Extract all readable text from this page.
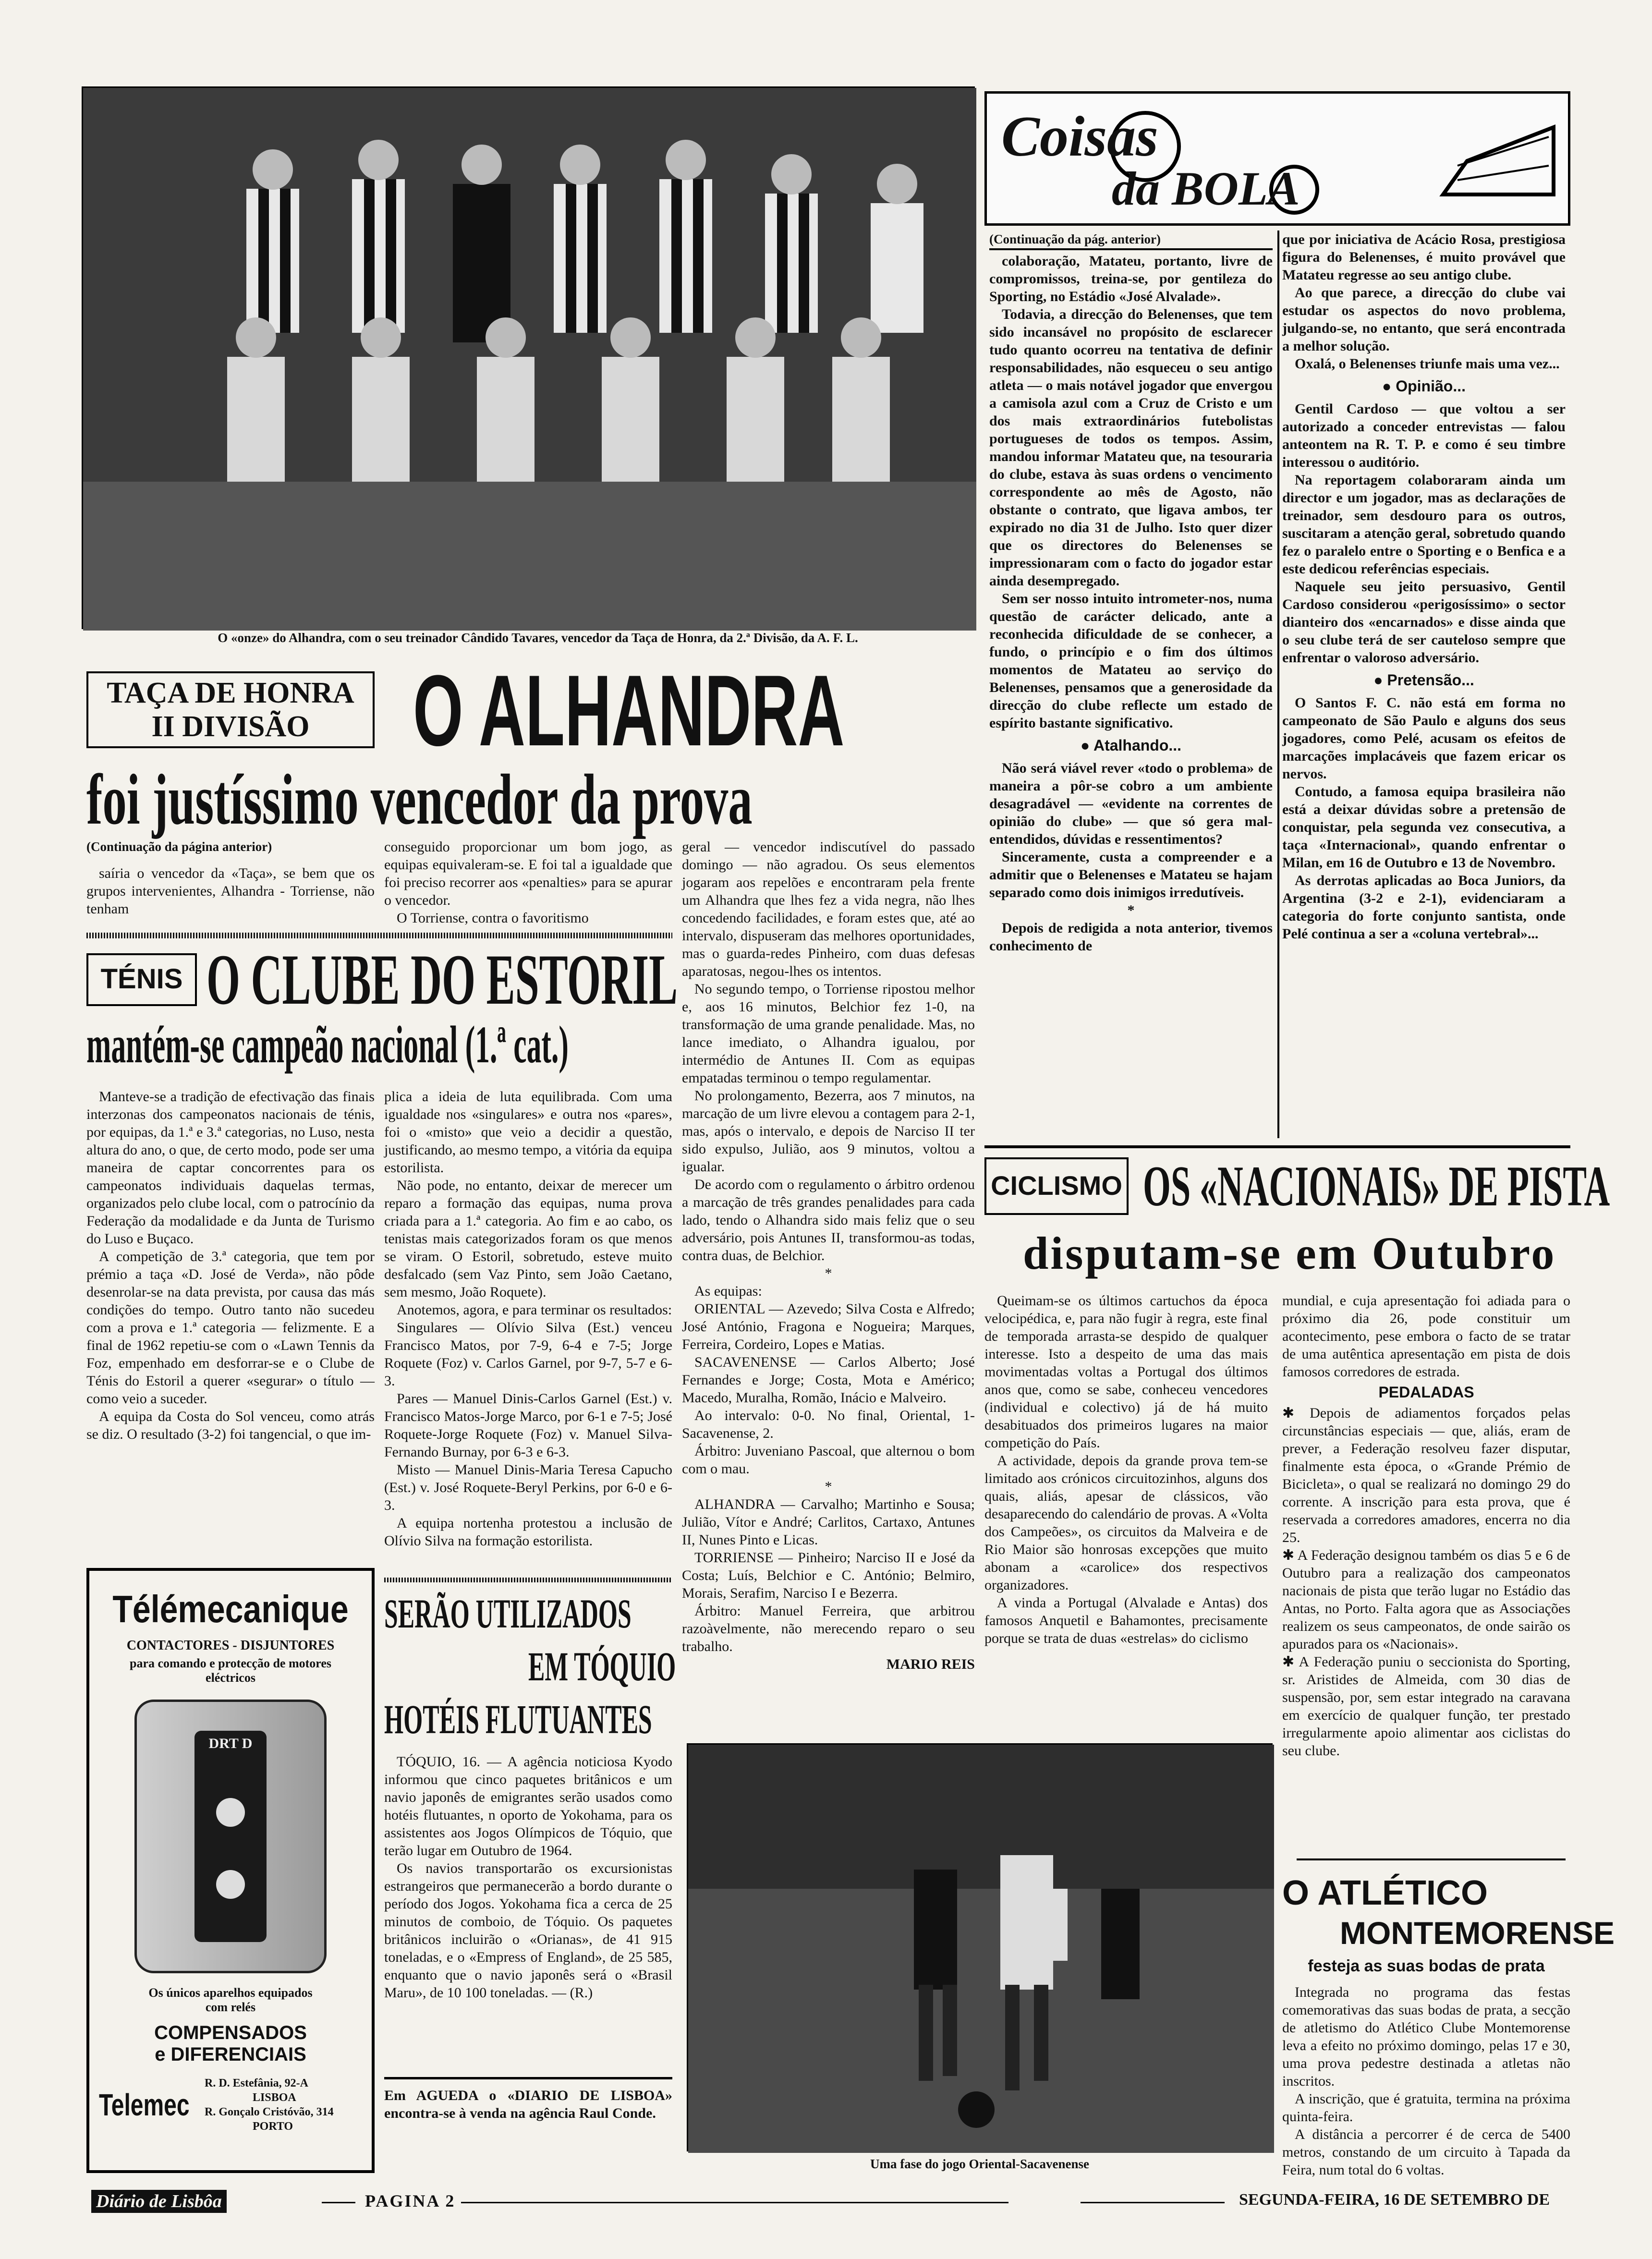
O «onze» do Alhandra, com o seu treinador Cândido Tavares, vencedor da Taça de Honra, da 2.ª Divisão, da A. F. L.
TAÇA DE HONRA
II DIVISÃO	O ALHANDRA
foi justíssimo vencedor da prova

(Continuação da página anterior)

saíria o vencedor da «Taça», se bem que os grupos intervenientes, Alhandra - Torriense, não tenham

conseguido proporcionar um bom jogo, as equipas equivaleram-se. E foi tal a igualdade que foi preciso recorrer aos «penalties» para se apurar o vencedor.

O Torriense, contra o favoritismo

geral — vencedor indiscutível do passado domingo — não agradou. Os seus elementos jogaram aos repelões e encontraram pela frente um Alhandra que lhes fez a vida negra, não lhes concedendo facilidades, e foram estes que, até ao intervalo, dispuseram das melhores oportunidades, mas o guarda-redes Pinheiro, com duas defesas aparatosas, negou-lhes os intentos.

No segundo tempo, o Torriense ripostou melhor e, aos 16 minutos, Belchior fez 1-0, na transformação de uma grande penalidade. Mas, no lance imediato, o Alhandra igualou, por intermédio de Antunes II. Com as equipas empatadas terminou o tempo regulamentar.

No prolongamento, Bezerra, aos 7 minutos, na marcação de um livre elevou a contagem para 2-1, mas, após o intervalo, e depois de Narciso II ter sido expulso, Julião, aos 9 minutos, voltou a igualar.

De acordo com o regulamento o árbitro ordenou a marcação de três grandes penalidades para cada lado, tendo o Alhandra sido mais feliz que o seu adversário, pois Antunes II, transformou-as todas, contra duas, de Belchior.

*

As equipas:

ORIENTAL — Azevedo; Silva Costa e Alfredo; José António, Fragona e Nogueira; Marques, Ferreira, Cordeiro, Lopes e Matias.

SACAVENENSE — Carlos Alberto; José Fernandes e Jorge; Costa, Mota e Américo; Macedo, Muralha, Romão, Inácio e Malveiro.

Ao intervalo: 0-0. No final, Oriental, 1-Sacavenense, 2.

Árbitro: Juveniano Pascoal, que alternou o bom com o mau.

*

ALHANDRA — Carvalho; Martinho e Sousa; Julião, Vítor e André; Carlitos, Cartaxo, Antunes II, Nunes Pinto e Licas.

TORRIENSE — Pinheiro; Narciso II e José da Costa; Luís, Belchior e C. António; Belmiro, Morais, Serafim, Narciso I e Bezerra.

Árbitro: Manuel Ferreira, que arbitrou razoàvelmente, não merecendo reparo o seu trabalho.

MARIO REIS

TÉNIS O CLUBE DO ESTORIL
mantém-se campeão nacional (1.ª cat.)

Manteve-se a tradição de efectivação das finais interzonas dos campeonatos nacionais de ténis, por equipas, da 1.ª e 3.ª categorias, no Luso, nesta altura do ano, o que, de certo modo, pode ser uma maneira de captar concorrentes para os campeonatos individuais daquelas termas, organizados pelo clube local, com o patrocínio da Federação da modalidade e da Junta de Turismo do Luso e Buçaco.

A competição de 3.ª categoria, que tem por prémio a taça «D. José de Verda», não pôde desenrolar-se na data prevista, por causa das más condições do tempo. Outro tanto não sucedeu com a prova e 1.ª categoria — felizmente. E a final de 1962 repetiu-se com o «Lawn Tennis da Foz, empenhado em desforrar-se e o Clube de Ténis do Estoril a querer «segurar» o título — como veio a suceder.

A equipa da Costa do Sol venceu, como atrás se diz. O resultado (3-2) foi tangencial, o que im-

plica a ideia de luta equilibrada. Com uma igualdade nos «singulares» e outra nos «pares», foi o «misto» que veio a decidir a questão, justificando, ao mesmo tempo, a vitória da equipa estorilista.

Não pode, no entanto, deixar de merecer um reparo a formação das equipas, numa prova criada para a 1.ª categoria. Ao fim e ao cabo, os tenistas mais categorizados foram os que menos se viram. O Estoril, sobretudo, esteve muito desfalcado (sem Vaz Pinto, sem João Caetano, sem mesmo, João Roquete).

Anotemos, agora, e para terminar os resultados:

Singulares — Olívio Silva (Est.) venceu Francisco Matos, por 7-9, 6-4 e 7-5; Jorge Roquete (Foz) v. Carlos Garnel, por 9-7, 5-7 e 6-3.

Pares — Manuel Dinis-Carlos Garnel (Est.) v. Francisco Matos-Jorge Marco, por 6-1 e 7-5; José Roquete-Jorge Roquete (Foz) v. Manuel Silva-Fernando Burnay, por 6-3 e 6-3.

Misto — Manuel Dinis-Maria Teresa Capucho (Est.) v. José Roquete-Beryl Perkins, por 6-0 e 6-3.

A equipa nortenha protestou a inclusão de Olívio Silva na formação estorilista.

Télémecanique
CONTACTORES - DISJUNTORES
para comando e protecção de motores eléctricos
DRT D
Os únicos aparelhos equipados com relés
COMPENSADOS
e DIFERENCIAIS
Telemec
R. D. Estefânia, 92-A
LISBOA
R. Gonçalo Cristóvão, 314
PORTO
SERÃO UTILIZADOS
EM TÓQUIO
HOTÉIS FLUTUANTES

TÓQUIO, 16. — A agência noticiosa Kyodo informou que cinco paquetes britânicos e um navio japonês de emigrantes serão usados como hotéis flutuantes, n oporto de Yokohama, para os assistentes aos Jogos Olímpicos de Tóquio, que terão lugar em Outubro de 1964.

Os navios transportarão os excursionistas estrangeiros que permanecerão a bordo durante o período dos Jogos. Yokohama fica a cerca de 25 minutos de comboio, de Tóquio. Os paquetes britânicos incluirão o «Orianas», de 41 915 toneladas, e o «Empress of England», de 25 585, enquanto que o navio japonês será o «Brasil Maru», de 10 100 toneladas. — (R.)

Em AGUEDA o «DIARIO DE LISBOA» encontra-se à venda na agência Raul Conde.
Coisas
da BOLA

(Continuação da pág. anterior)

colaboração, Matateu, portanto, livre de compromissos, treina-se, por gentileza do Sporting, no Estádio «José Alvalade».

Todavia, a direcção do Belenenses, que tem sido incansável no propósito de esclarecer tudo quanto ocorreu na tentativa de definir responsabilidades, não esqueceu o seu antigo atleta — o mais notável jogador que envergou a camisola azul com a Cruz de Cristo e um dos mais extraordinários futebolistas portugueses de todos os tempos. Assim, mandou informar Matateu que, na tesouraria do clube, estava às suas ordens o vencimento correspondente ao mês de Agosto, não obstante o contrato, que ligava ambos, ter expirado no dia 31 de Julho. Isto quer dizer que os directores do Belenenses se impressionaram com o facto do jogador estar ainda desempregado.

Sem ser nosso intuito intrometer-nos, numa questão de carácter delicado, ante a reconhecida dificuldade de se conhecer, a fundo, o princípio e o fim dos últimos momentos de Matateu ao serviço do Belenenses, pensamos que a generosidade da direcção do clube reflecte um estado de espírito bastante significativo.

● Atalhando...

Não será viável rever «todo o problema» de maneira a pôr-se cobro a um ambiente desagradável — «evidente na correntes de opinião do clube» — que só gera mal-entendidos, dúvidas e ressentimentos?

Sinceramente, custa a compreender e a admitir que o Belenenses e Matateu se hajam separado como dois inimigos irredutíveis.

*

Depois de redigida a nota anterior, tivemos conhecimento de

que por iniciativa de Acácio Rosa, prestigiosa figura do Belenenses, é muito provável que Matateu regresse ao seu antigo clube.

Ao que parece, a direcção do clube vai estudar os aspectos do novo problema, julgando-se, no entanto, que será encontrada a melhor solução.

Oxalá, o Belenenses triunfe mais uma vez...

● Opinião...

Gentil Cardoso — que voltou a ser autorizado a conceder entrevistas — falou anteontem na R. T. P. e como é seu timbre interessou o auditório.

Na reportagem colaboraram ainda um director e um jogador, mas as declarações de treinador, sem desdouro para os outros, suscitaram a atenção geral, sobretudo quando fez o paralelo entre o Sporting e o Benfica e a este dedicou referências especiais.

Naquele seu jeito persuasivo, Gentil Cardoso considerou «perigosíssimo» o sector dianteiro dos «encarnados» e disse ainda que o seu clube terá de ser cauteloso sempre que enfrentar o valoroso adversário.

● Pretensão...

O Santos F. C. não está em forma no campeonato de São Paulo e alguns dos seus jogadores, como Pelé, acusam os efeitos de marcações implacáveis que fazem ericar os nervos.

Contudo, a famosa equipa brasileira não está a deixar dúvidas sobre a pretensão de conquistar, pela segunda vez consecutiva, a taça «Internacional», quando enfrentar o Milan, em 16 de Outubro e 13 de Novembro.

As derrotas aplicadas ao Boca Juniors, da Argentina (3-2 e 2-1), evidenciaram a categoria do forte conjunto santista, onde Pelé continua a ser a «coluna vertebral»...

CICLISMO OS «NACIONAIS» DE PISTA
disputam-se em Outubro

Queimam-se os últimos cartuchos da época velocipédica, e, para não fugir à regra, este final de temporada arrasta-se despido de qualquer interesse. Isto a despeito de uma das mais movimentadas voltas a Portugal dos últimos anos que, como se sabe, conheceu vencedores (individual e colectivo) já de há muito desabituados dos primeiros lugares na maior competição do País.

A actividade, depois da grande prova tem-se limitado aos crónicos circuitozinhos, alguns dos quais, aliás, apesar de clássicos, vão desaparecendo do calendário de provas. A «Volta dos Campeões», os circuitos da Malveira e de Rio Maior são honrosas excepções que muito abonam a «carolice» dos respectivos organizadores.

A vinda a Portugal (Alvalade e Antas) dos famosos Anquetil e Bahamontes, precisamente porque se trata de duas «estrelas» do ciclismo

mundial, e cuja apresentação foi adiada para o próximo dia 26, pode constituir um acontecimento, pese embora o facto de se tratar de uma autêntica apresentação em pista de dois famosos corredores de estrada.

PEDALADAS

✱ Depois de adiamentos forçados pelas circunstâncias especiais — que, aliás, eram de prever, a Federação resolveu fazer disputar, finalmente esta época, o «Grande Prémio de Bicicleta», o qual se realizará no domingo 29 do corrente. A inscrição para esta prova, que é reservada a corredores amadores, encerra no dia 25.

✱ A Federação designou também os dias 5 e 6 de Outubro para a realização dos campeonatos nacionais de pista que terão lugar no Estádio das Antas, no Porto. Falta agora que as Associações realizem os seus campeonatos, de onde sairão os apurados para os «Nacionais».

✱ A Federação puniu o seccionista do Sporting, sr. Aristides de Almeida, com 30 dias de suspensão, por, sem estar integrado na caravana em exercício de qualquer função, ter prestado irregularmente apoio alimentar aos ciclistas do seu clube.

Uma fase do jogo Oriental-Sacavenense
O ATLÉTICO
MONTEMORENSE
festeja as suas bodas de prata

Integrada no programa das festas comemorativas das suas bodas de prata, a secção de atletismo do Atlético Clube Montemorense leva a efeito no próximo domingo, pelas 17 e 30, uma prova pedestre destinada a atletas não inscritos.

A inscrição, que é gratuita, termina na próxima quinta-feira.

A distância a percorrer é de cerca de 5400 metros, constando de um circuito à Tapada da Feira, num total do 6 voltas.

Diário de Lisbôa	PAGINA 2	SEGUNDA-FEIRA, 16 DE SETEMBRO DE
